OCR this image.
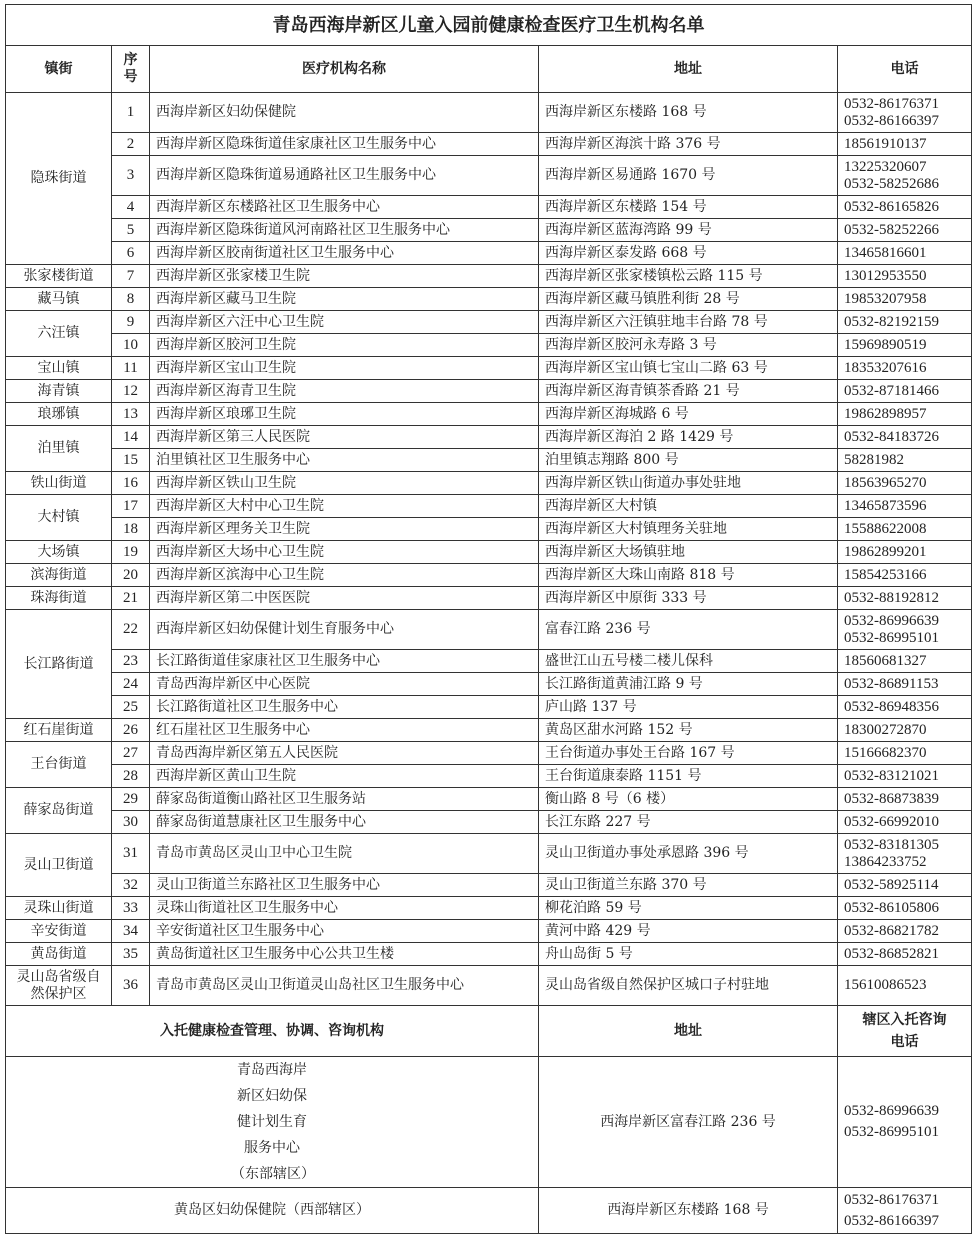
青岛西海岸新区儿童入园前健康检查医疗卫生机构名单				
镇街	序号	医疗机构名称	地址	电话
隐珠街道	1	西海岸新区妇幼保健院	西海岸新区东楼路 168 号	0532-86176371
0532-86166397

	2	西海岸新区隐珠街道佳家康社区卫生服务中心	西海岸新区海滨十路 376 号	18561910137

	3	西海岸新区隐珠街道易通路社区卫生服务中心	西海岸新区易通路 1670 号	13225320607
0532-58252686

	4	西海岸新区东楼路社区卫生服务中心	西海岸新区东楼路 154 号	0532-86165826

	5	西海岸新区隐珠街道风河南路社区卫生服务中心	西海岸新区蓝海湾路 99 号	0532-58252266

	6	西海岸新区胶南街道社区卫生服务中心	西海岸新区泰发路 668 号	13465816601

张家楼街道	7	西海岸新区张家楼卫生院	西海岸新区张家楼镇松云路 115 号	13012953550

藏马镇	8	西海岸新区藏马卫生院	西海岸新区藏马镇胜利街 28 号	19853207958

六汪镇	9	西海岸新区六汪中心卫生院	西海岸新区六汪镇驻地丰台路 78 号	0532-82192159

	10	西海岸新区胶河卫生院	西海岸新区胶河永寿路 3 号	15969890519

宝山镇	11	西海岸新区宝山卫生院	西海岸新区宝山镇七宝山二路 63 号	18353207616

海青镇	12	西海岸新区海青卫生院	西海岸新区海青镇茶香路 21 号	0532-87181466

琅琊镇	13	西海岸新区琅琊卫生院	西海岸新区海城路 6 号	19862898957

泊里镇	14	西海岸新区第三人民医院	西海岸新区海泊 2 路 1429 号	0532-84183726

	15	泊里镇社区卫生服务中心	泊里镇志翔路 800 号	58281982

铁山街道	16	西海岸新区铁山卫生院	西海岸新区铁山街道办事处驻地	18563965270

大村镇	17	西海岸新区大村中心卫生院	西海岸新区大村镇	13465873596

	18	西海岸新区理务关卫生院	西海岸新区大村镇理务关驻地	15588622008

大场镇	19	西海岸新区大场中心卫生院	西海岸新区大场镇驻地	19862899201

滨海街道	20	西海岸新区滨海中心卫生院	西海岸新区大珠山南路 818 号	15854253166

珠海街道	21	西海岸新区第二中医医院	西海岸新区中原街 333 号	0532-88192812

长江路街道	22	西海岸新区妇幼保健计划生育服务中心	富春江路 236 号	0532-86996639
0532-86995101

	23	长江路街道佳家康社区卫生服务中心	盛世江山五号楼二楼儿保科	18560681327

	24	青岛西海岸新区中心医院	长江路街道黄浦江路 9 号	0532-86891153

	25	长江路街道社区卫生服务中心	庐山路 137 号	0532-86948356

红石崖街道	26	红石崖社区卫生服务中心	黄岛区甜水河路 152 号	18300272870

王台街道	27	青岛西海岸新区第五人民医院	王台街道办事处王台路 167 号	15166682370

	28	西海岸新区黄山卫生院	王台街道康泰路 1151 号	0532-83121021

薛家岛街道	29	薛家岛街道衡山路社区卫生服务站	衡山路 8 号（6 楼）	0532-86873839

	30	薛家岛街道慧康社区卫生服务中心	长江东路 227 号	0532-66992010

灵山卫街道	31	青岛市黄岛区灵山卫中心卫生院	灵山卫街道办事处承恩路 396 号	0532-83181305
13864233752

	32	灵山卫街道兰东路社区卫生服务中心	灵山卫街道兰东路 370 号	0532-58925114

灵珠山街道	33	灵珠山街道社区卫生服务中心	柳花泊路 59 号	0532-86105806

辛安街道	34	辛安街道社区卫生服务中心	黄河中路 429 号	0532-86821782

黄岛街道	35	黄岛街道社区卫生服务中心公共卫生楼	舟山岛街 5 号	0532-86852821

灵山岛省级自然保护区	36	青岛市黄岛区灵山卫街道灵山岛社区卫生服务中心	灵山岛省级自然保护区城口子村驻地	15610086523

入托健康检查管理、协调、咨询机构			地址	辖区入托咨询电话
青岛西海岸新区妇幼保健计划生育服务中心（东部辖区）			西海岸新区富春江路 236 号	0532-86996639
0532-86995101

黄岛区妇幼保健院（西部辖区）			西海岸新区东楼路 168 号	0532-86176371
0532-86166397
